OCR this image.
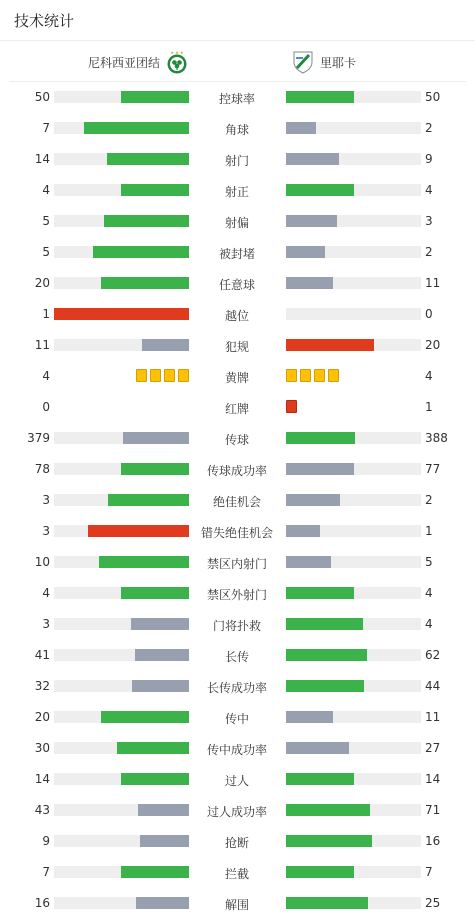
技术统计
尼科西亚团结
★ ★ ★
里耶卡
50	控球率	50
7	角球	2
14	射门	9
4	射正	4
5	射偏	3
5	被封堵	2
20	任意球	11
1	越位	0
11	犯规	20
4	黄牌	4
0	红牌	1
379	传球	388
78	传球成功率	77
3	绝佳机会	2
3	错失绝佳机会	1
10	禁区内射门	5
4	禁区外射门	4
3	门将扑救	4
41	长传	62
32	长传成功率	44
20	传中	11
30	传中成功率	27
14	过人	14
43	过人成功率	71
9	抢断	16
7	拦截	7
16	解围	25
